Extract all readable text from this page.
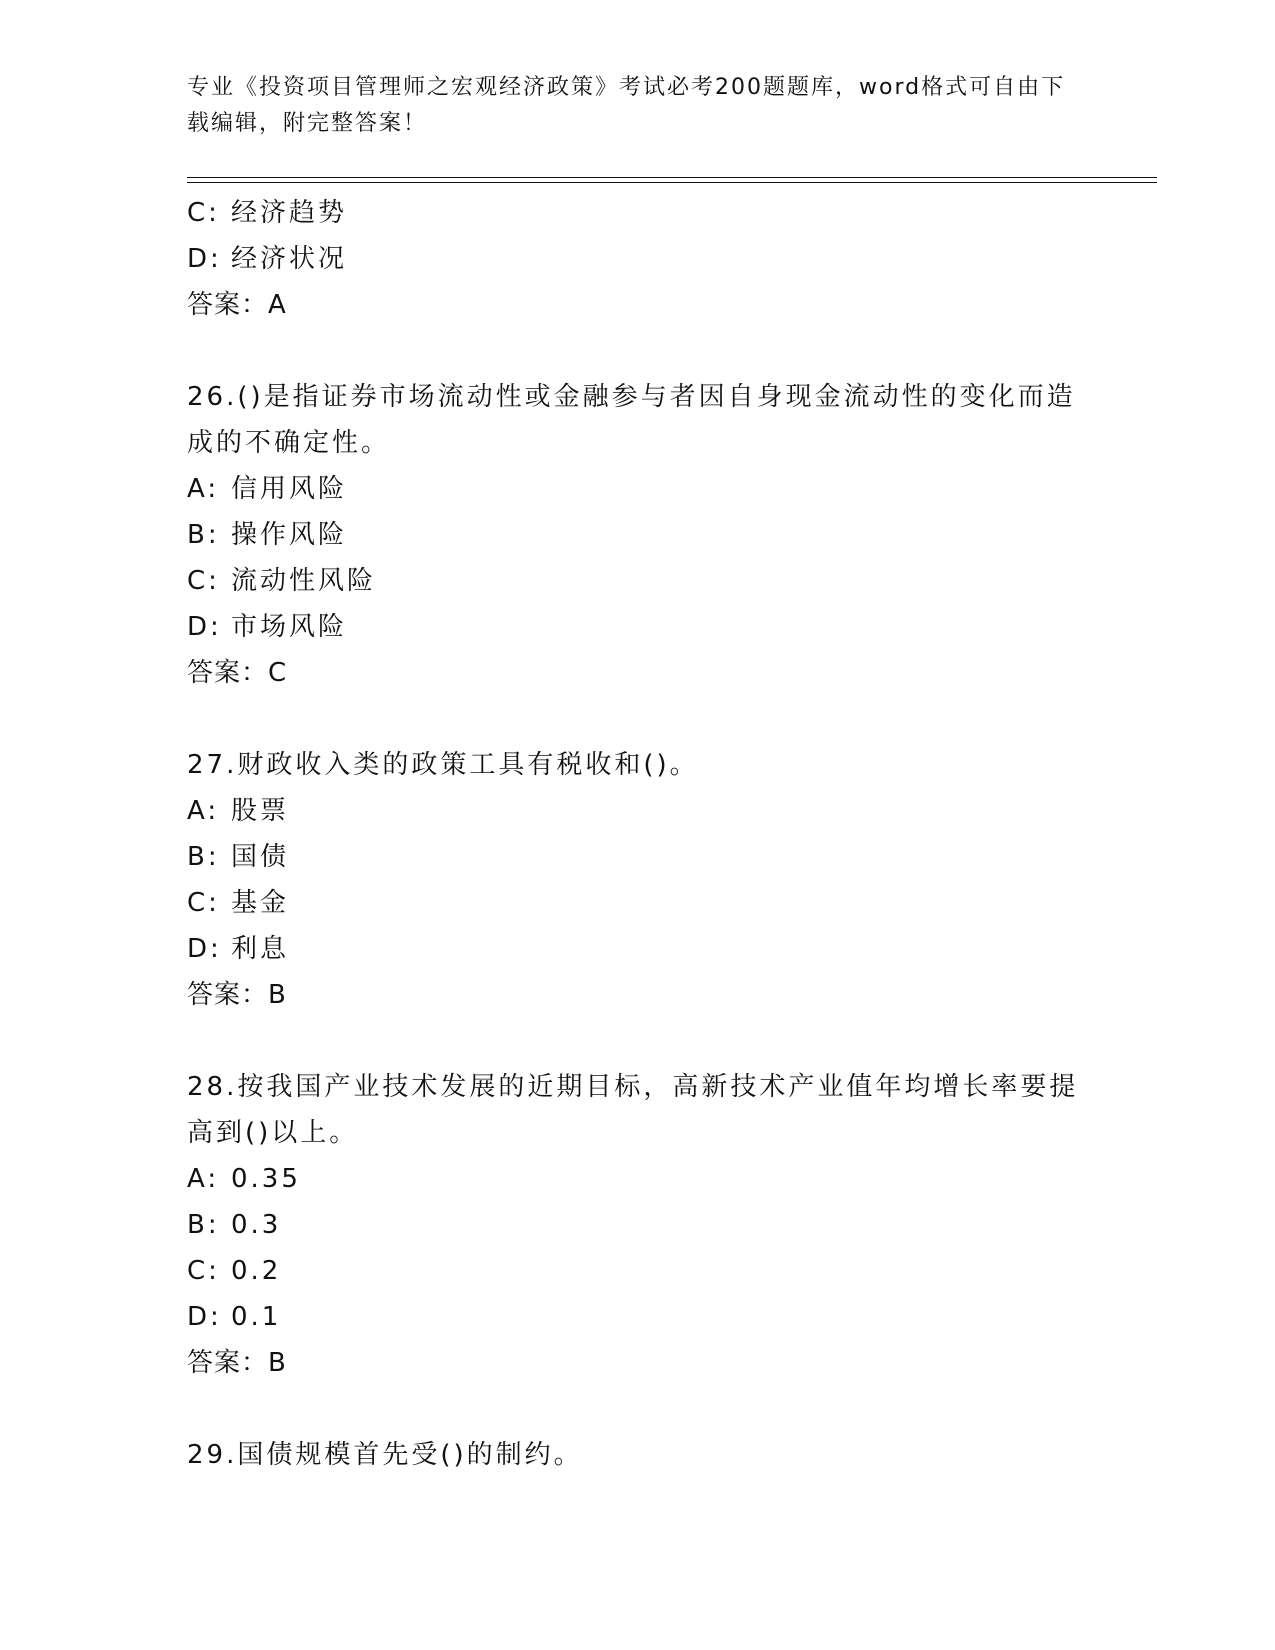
专业《投资项目管理师之宏观经济政策》考试必考200题题库，word格式可自由下载编辑，附完整答案！

C: 经济趋势

D: 经济状况

答案：A

26.()是指证券市场流动性或金融参与者因自身现金流动性的变化而造成的不确定性。

A: 信用风险

B: 操作风险

C: 流动性风险

D: 市场风险

答案：C

27.财政收入类的政策工具有税收和()。

A: 股票

B: 国债

C: 基金

D: 利息

答案：B

28.按我国产业技术发展的近期目标，高新技术产业值年均增长率要提高到()以上。

A: 0.35

B: 0.3

C: 0.2

D: 0.1

答案：B

29.国债规模首先受()的制约。
